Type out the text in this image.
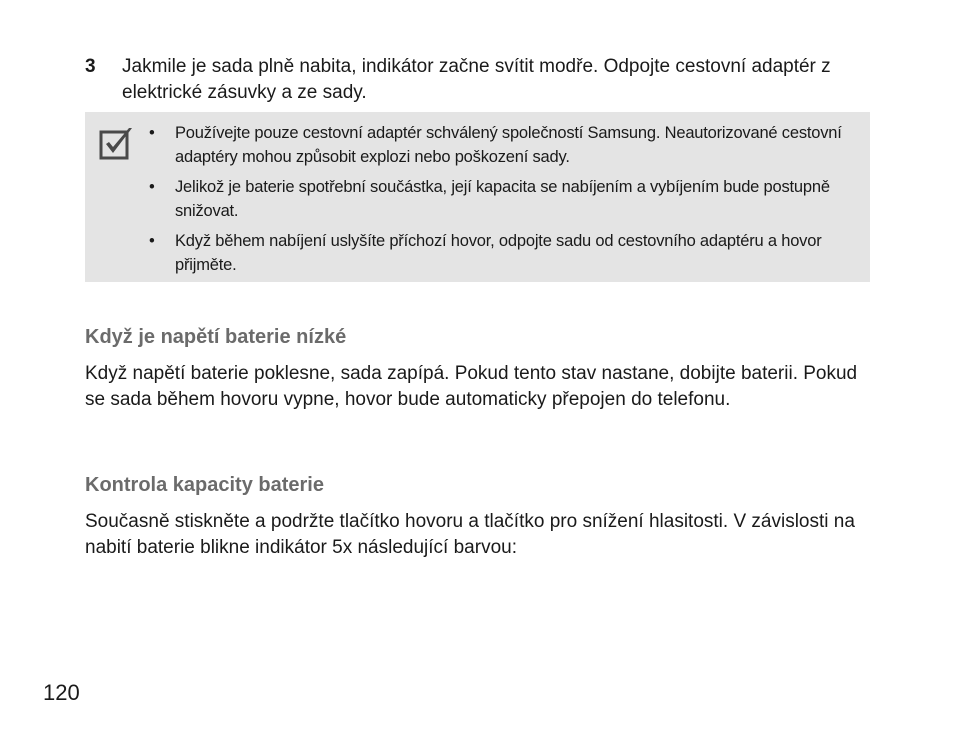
3	Jakmile je sada plně nabita, indikátor začne svítit modře. Odpojte cestovní adaptér z elektrické zásuvky a ze sady.
• Používejte pouze cestovní adaptér schválený společností Samsung. Neautorizované cestovní adaptéry mohou způsobit explozi nebo poškození sady.
• Jelikož je baterie spotřební součástka, její kapacita se nabíjením a vybíjením bude postupně snižovat.
• Když během nabíjení uslyšíte příchozí hovor, odpojte sadu od cestovního adaptéru a hovor přijměte.
Když je napětí baterie nízké
Když napětí baterie poklesne, sada zapípá. Pokud tento stav nastane, dobijte baterii. Pokud se sada během hovoru vypne, hovor bude automaticky přepojen do telefonu.
Kontrola kapacity baterie
Současně stiskněte a podržte tlačítko hovoru a tlačítko pro snížení hlasitosti. V závislosti na nabití baterie blikne indikátor 5x následující barvou:
120
